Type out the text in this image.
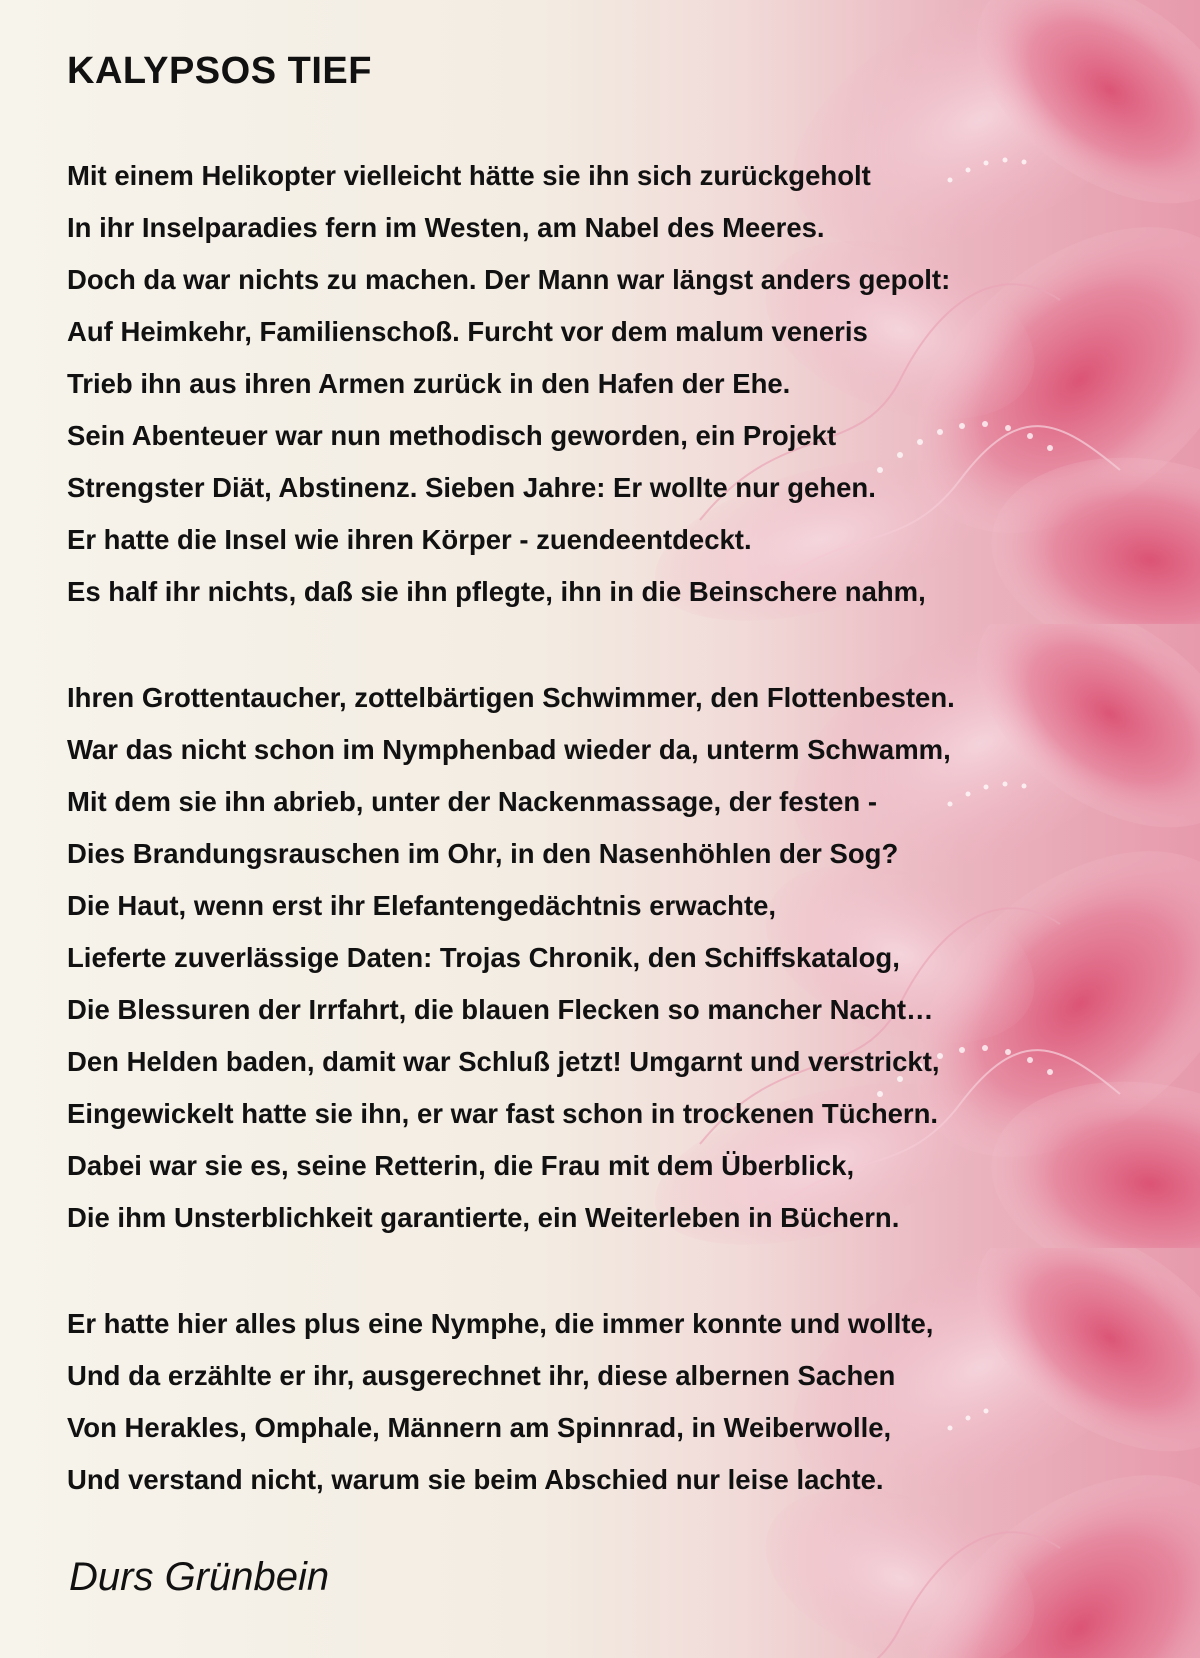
KALYPSOS TIEF
Mit einem Helikopter vielleicht hätte sie ihn sich zurückgeholt
In ihr Inselparadies fern im Westen, am Nabel des Meeres.
Doch da war nichts zu machen. Der Mann war längst anders gepolt:
Auf Heimkehr, Familienschoß. Furcht vor dem malum veneris
Trieb ihn aus ihren Armen zurück in den Hafen der Ehe.
Sein Abenteuer war nun methodisch geworden, ein Projekt
Strengster Diät, Abstinenz. Sieben Jahre: Er wollte nur gehen.
Er hatte die Insel wie ihren Körper - zuendeentdeckt.
Es half ihr nichts, daß sie ihn pflegte, ihn in die Beinschere nahm,
Ihren Grottentaucher, zottelbärtigen Schwimmer, den Flottenbesten.
War das nicht schon im Nymphenbad wieder da, unterm Schwamm,
Mit dem sie ihn abrieb, unter der Nackenmassage, der festen -
Dies Brandungsrauschen im Ohr, in den Nasenhöhlen der Sog?
Die Haut, wenn erst ihr Elefantengedächtnis erwachte,
Lieferte zuverlässige Daten: Trojas Chronik, den Schiffskatalog,
Die Blessuren der Irrfahrt, die blauen Flecken so mancher Nacht…
Den Helden baden, damit war Schluß jetzt! Umgarnt und verstrickt,
Eingewickelt hatte sie ihn, er war fast schon in trockenen Tüchern.
Dabei war sie es, seine Retterin, die Frau mit dem Überblick,
Die ihm Unsterblichkeit garantierte, ein Weiterleben in Büchern.
Er hatte hier alles plus eine Nymphe, die immer konnte und wollte,
Und da erzählte er ihr, ausgerechnet ihr, diese albernen Sachen
Von Herakles, Omphale, Männern am Spinnrad, in Weiberwolle,
Und verstand nicht, warum sie beim Abschied nur leise lachte.

Durs Grünbein
